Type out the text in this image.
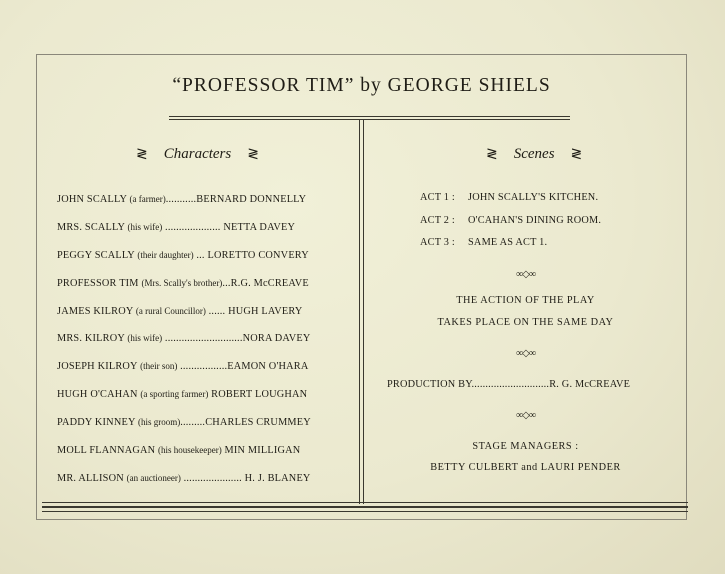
“PROFESSOR TIM” by GEORGE SHIELS
≷ Characters ≷
JOHN SCALLY (a farmer)...........BERNARD DONNELLY
MRS. SCALLY (his wife) .................... NETTA DAVEY
PEGGY SCALLY (their daughter) ... LORETTO CONVERY
PROFESSOR TIM (Mrs. Scally's brother)...R.G. McCREAVE
JAMES KILROY (a rural Councillor) ...... HUGH LAVERY
MRS. KILROY (his wife) ............................NORA DAVEY
JOSEPH KILROY (their son) .................EAMON O'HARA
HUGH O'CAHAN (a sporting farmer) ROBERT LOUGHAN
PADDY KINNEY (his groom).........CHARLES CRUMMEY
MOLL FLANNAGAN (his housekeeper) MIN MILLIGAN
MR. ALLISON (an auctioneer) ..................... H. J. BLANEY
≷ Scenes ≷
ACT 1 : JOHN SCALLY'S KITCHEN.
ACT 2 : O'CAHAN'S DINING ROOM.
ACT 3 : SAME AS ACT 1.
∞◇∞
THE ACTION OF THE PLAY
TAKES PLACE ON THE SAME DAY
∞◇∞
PRODUCTION BY............................R. G. McCREAVE
∞◇∞
STAGE MANAGERS :
BETTY CULBERT and LAURI PENDER
